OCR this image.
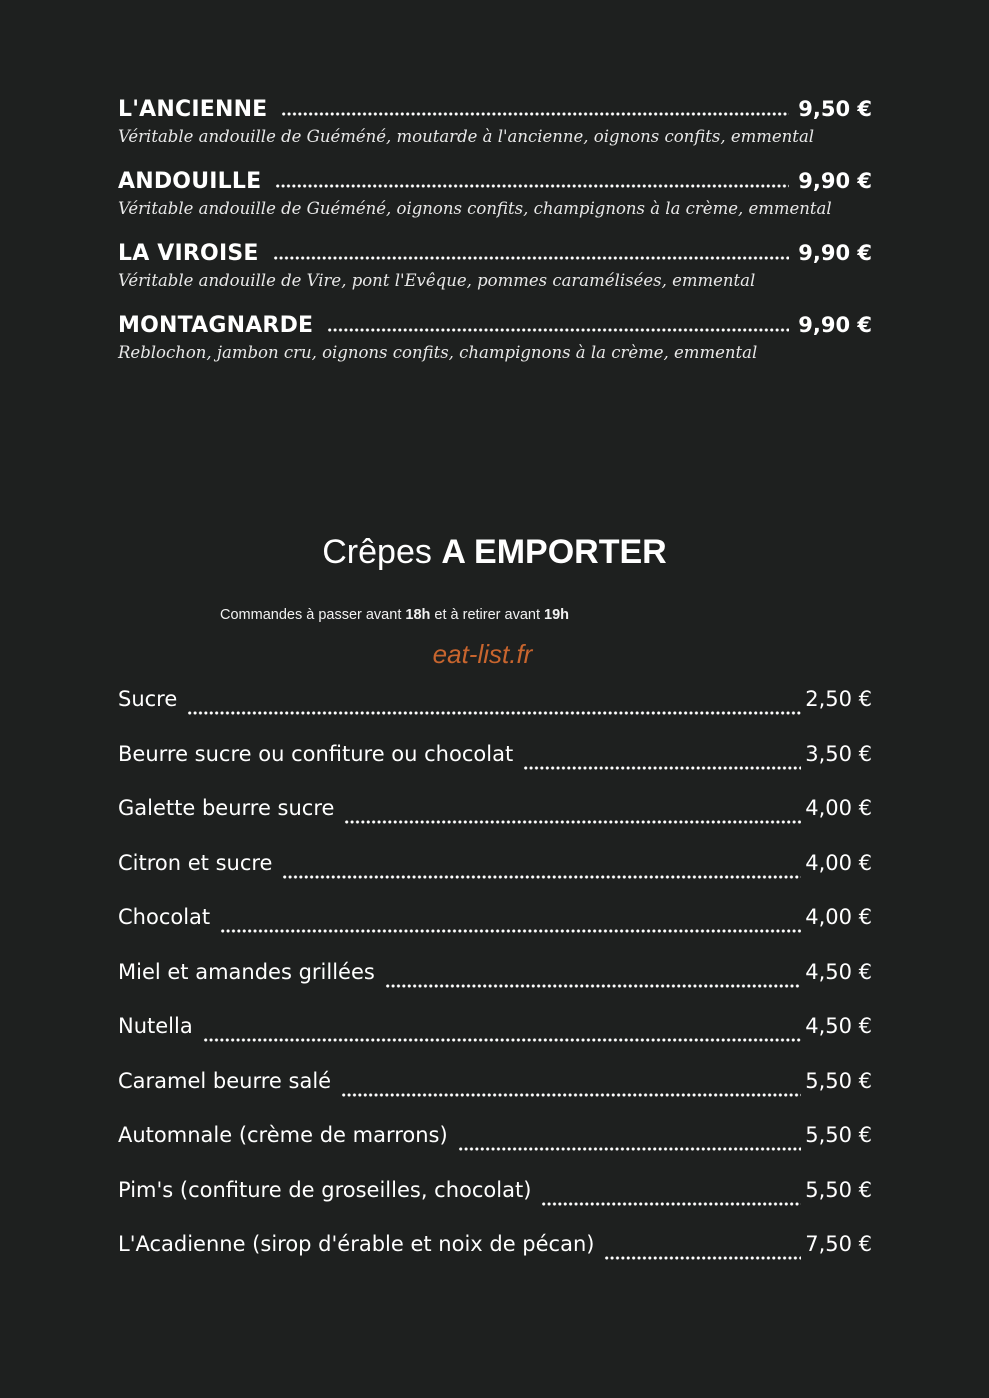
L'ANCIENNE	9,50 €
Véritable andouille de Guéméné, moutarde à l'ancienne, oignons confits, emmental
ANDOUILLE	9,90 €
Véritable andouille de Guéméné, oignons confits, champignons à la crème, emmental
LA VIROISE	9,90 €
Véritable andouille de Vire, pont l'Evêque, pommes caramélisées, emmental
MONTAGNARDE	9,90 €
Reblochon, jambon cru, oignons confits, champignons à la crème, emmental
Crêpes A EMPORTER
Commandes à passer avant 18h et à retirer avant 19h
eat-list.fr
Sucre	2,50 €
Beurre sucre ou confiture ou chocolat	3,50 €
Galette beurre sucre	4,00 €
Citron et sucre	4,00 €
Chocolat	4,00 €
Miel et amandes grillées	4,50 €
Nutella	4,50 €
Caramel beurre salé	5,50 €
Automnale (crème de marrons)	5,50 €
Pim's (confiture de groseilles, chocolat)	5,50 €
L'Acadienne (sirop d'érable et noix de pécan)	7,50 €
